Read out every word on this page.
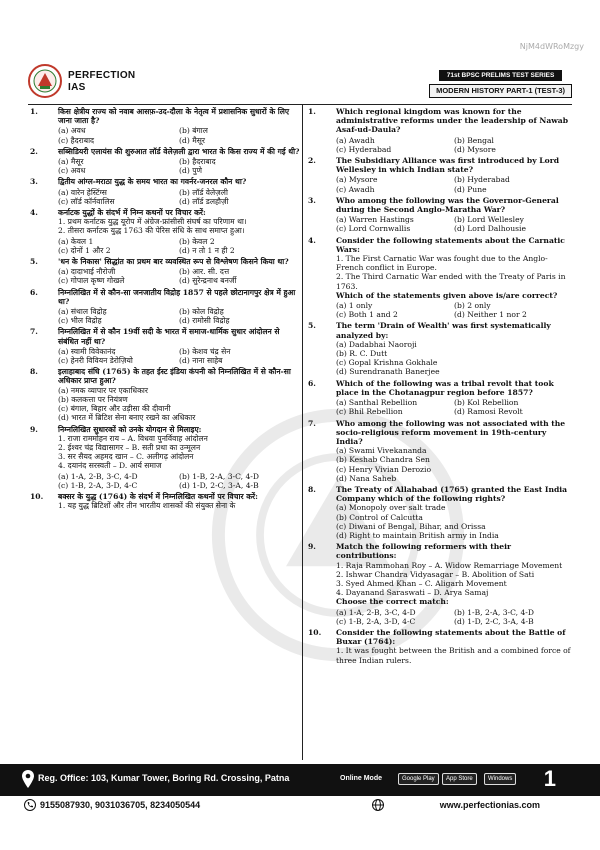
NjM4dWRoMzgy
PERFECTION
IAS
71st BPSC PRELIMS TEST SERIES
MODERN HISTORY PART-1 (TEST-3)
1.	किस क्षेत्रीय राज्य को नवाब आसफ़-उद-दौला के नेतृत्व में प्रशासनिक सुधारों के लिए जाना जाता है?
(a) अवध	(b) बंगाल
(c) हैदराबाद	(d) मैसूर
2.	सब्सिडियरी एलायंस की शुरुआत लॉर्ड वेलेज़ली द्वारा भारत के किस राज्य में की गई थी?
(a) मैसूर	(b) हैदराबाद
(c) अवध	(d) पुणे
3.	द्वितीय आंग्ल-मराठा युद्ध के समय भारत का गवर्नर-जनरल कौन था?
(a) वारेन हेस्टिंग्स	(b) लॉर्ड वेलेज़ली
(c) लॉर्ड कॉर्नवालिस	(d) लॉर्ड डलहौज़ी
4.	कर्नाटक युद्धों के संदर्भ में निम्न कथनों पर विचार करें:
1. प्रथम कर्नाटक युद्ध यूरोप में अंग्रेज-फ्रांसीसी संघर्ष का परिणाम था।
2. तीसरा कर्नाटक युद्ध 1763 की पेरिस संधि के साथ समाप्त हुआ।
(a) केवल 1	(b) केवल 2
(c) दोनों 1 और 2	(d) न तो 1 न ही 2
5.	'धन के निकास' सिद्धांत का प्रथम बार व्यवस्थित रूप से विश्लेषण किसने किया था?
(a) दादाभाई नौरोजी	(b) आर. सी. दत्त
(c) गोपाल कृष्ण गोखले	(d) सुरेन्द्रनाथ बनर्जी
6.	निम्नलिखित में से कौन-सा जनजातीय विद्रोह 1857 से पहले छोटानागपुर क्षेत्र में हुआ था?
(a) संथाल विद्रोह	(b) कोल विद्रोह
(c) भील विद्रोह	(d) रामोसी विद्रोह
7.	निम्नलिखित में से कौन 19वीं सदी के भारत में समाज-धार्मिक सुधार आंदोलन से संबंधित नहीं था?
(a) स्वामी विवेकानंद	(b) केशव चंद्र सेन
(c) हेनरी विवियन डेरोज़ियो	(d) नाना साहेब
8.	इलाहाबाद संधि (1765) के तहत ईस्ट इंडिया कंपनी को निम्नलिखित में से कौन-सा अधिकार प्राप्त हुआ?
(a) नमक व्यापार पर एकाधिकार
(b) कलकत्ता पर नियंत्रण
(c) बंगाल, बिहार और उड़ीसा की दीवानी
(d) भारत में ब्रिटिश सेना बनाए रखने का अधिकार
9.	निम्नलिखित सुधारकों को उनके योगदान से मिलाइए:
1. राजा राममोहन राय – A. विधवा पुनर्विवाह आंदोलन
2. ईश्वर चंद्र विद्यासागर – B. सती प्रथा का उन्मूलन
3. सर सैयद अहमद खान – C. अलीगढ़ आंदोलन
4. दयानंद सरस्वती – D. आर्य समाज
(a) 1-A, 2-B, 3-C, 4-D	(b) 1-B, 2-A, 3-C, 4-D
(c) 1-B, 2-A, 3-D, 4-C	(d) 1-D, 2-C, 3-A, 4-B
10. बक्सर के युद्ध (1764) के संदर्भ में निम्नलिखित कथनों पर विचार करें:
1. यह युद्ध ब्रिटिशों और तीन भारतीय शासकों की संयुक्त सेना के
1.	Which regional kingdom was known for the administrative reforms under the leadership of Nawab Asaf-ud-Daula?
(a) Awadh	(b) Bengal
(c) Hyderabad	(d) Mysore
2.	The Subsidiary Alliance was first introduced by Lord Wellesley in which Indian state?
(a) Mysore	(b) Hyderabad
(c) Awadh	(d) Pune
3.	Who among the following was the Governor-General during the Second Anglo-Maratha War?
(a) Warren Hastings	(b) Lord Wellesley
(c) Lord Cornwallis	(d) Lord Dalhousie
4.	Consider the following statements about the Carnatic Wars:
1. The First Carnatic War was fought due to the Anglo-French conflict in Europe.
2. The Third Carnatic War ended with the Treaty of Paris in 1763.
Which of the statements given above is/are correct?
(a) 1 only	(b) 2 only
(c) Both 1 and 2	(d) Neither 1 nor 2
5.	The term 'Drain of Wealth' was first systematically analyzed by:
(a) Dadabhai Naoroji
(b) R. C. Dutt
(c) Gopal Krishna Gokhale
(d) Surendranath Banerjee
6.	Which of the following was a tribal revolt that took place in the Chotanagpur region before 1857?
(a) Santhal Rebellion	(b) Kol Rebellion
(c) Bhil Rebellion	(d) Ramosi Revolt
7.	Who among the following was not associated with the socio-religious reform movement in 19th-century India?
(a) Swami Vivekananda
(b) Keshab Chandra Sen
(c) Henry Vivian Derozio
(d) Nana Saheb
8.	The Treaty of Allahabad (1765) granted the East India Company which of the following rights?
(a) Monopoly over salt trade
(b) Control of Calcutta
(c) Diwani of Bengal, Bihar, and Orissa
(d) Right to maintain British army in India
9.	Match the following reformers with their contributions:
1. Raja Rammohan Roy – A. Widow Remarriage Movement
2. Ishwar Chandra Vidyasagar – B. Abolition of Sati
3. Syed Ahmed Khan – C. Aligarh Movement
4. Dayanand Saraswati – D. Arya Samaj
Choose the correct match:
(a) 1-A, 2-B, 3-C, 4-D	(b) 1-B, 2-A, 3-C, 4-D
(c) 1-B, 2-A, 3-D, 4-C	(d) 1-D, 2-C, 3-A, 4-B
10. Consider the following statements about the Battle of Buxar (1764):
1. It was fought between the British and a combined force of three Indian rulers.
Reg. Office: 103, Kumar Tower, Boring Rd. Crossing, Patna	Online Mode	Google Play	App Store	Windows 1
9155087930, 9031036705, 8234050544	www.perfectionias.com
